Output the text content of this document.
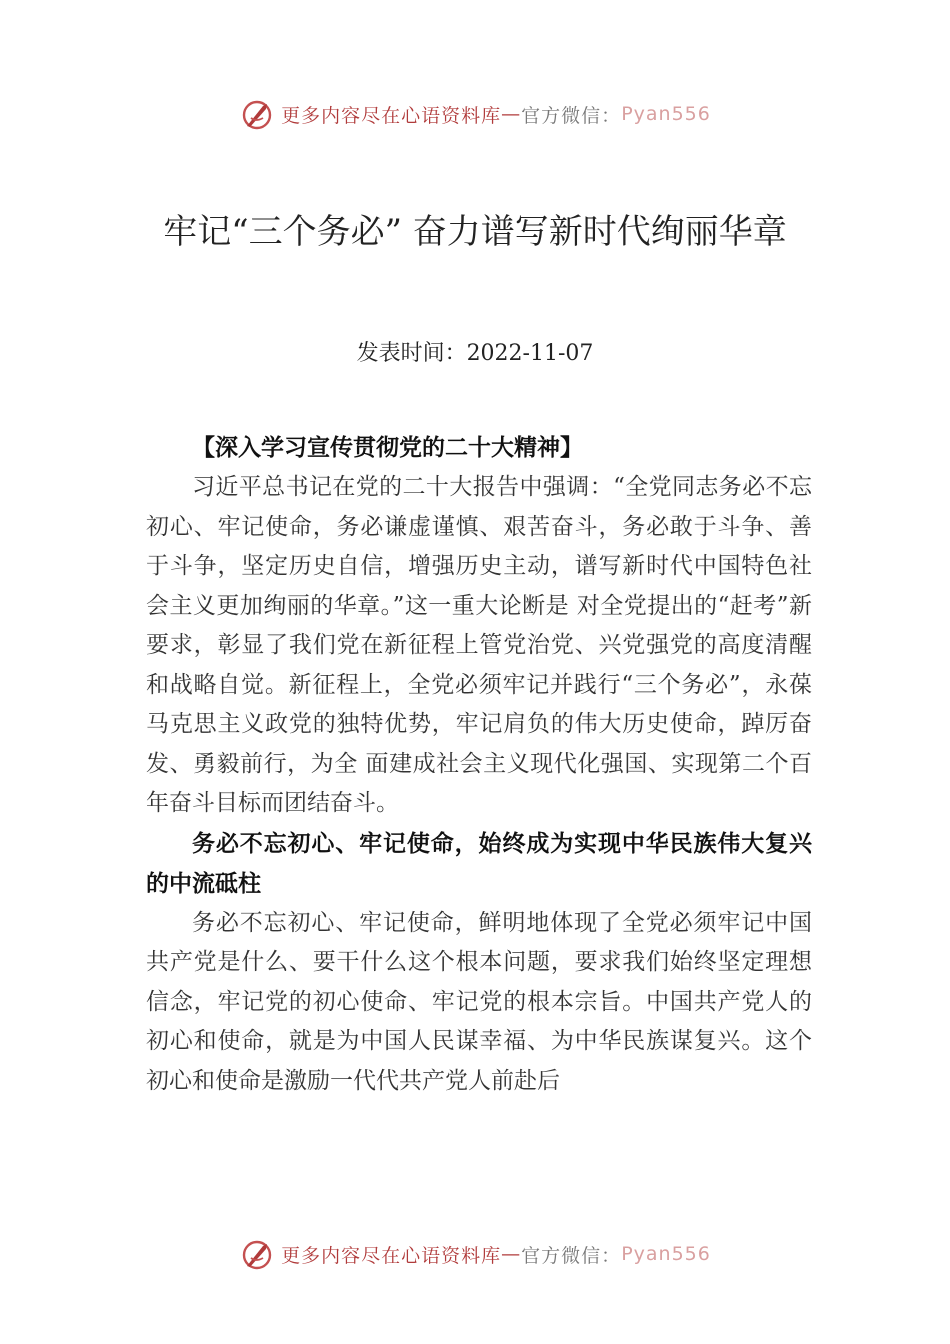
更多内容尽在心语资料库 — 官方微信： Pyan556
牢记“三个务必” 奋力谱写新时代绚丽华章
发表时间：2022-11-07

【深入学习宣传贯彻党的二十大精神】

习近平总书记在党的二十大报告中强调：“全党同志务必不忘初心、牢记使命，务必谦虚谨慎、艰苦奋斗，务必敢于斗争、善于斗争，坚定历史自信，增强历史主动，谱写新时代中国特色社会主义更加绚丽的华章。”这一重大论断是 对全党提出的“赶考”新要求，彰显了我们党在新征程上管党治党、兴党强党的高度清醒和战略自觉。新征程上，全党必须牢记并践行“三个务必”，永葆马克思主义政党的独特优势，牢记肩负的伟大历史使命，踔厉奋发、勇毅前行，为全 面建成社会主义现代化强国、实现第二个百年奋斗目标而团结奋斗。

务必不忘初心、牢记使命，始终成为实现中华民族伟大复兴的中流砥柱

务必不忘初心、牢记使命，鲜明地体现了全党必须牢记中国共产党是什么、要干什么这个根本问题，要求我们始终坚定理想信念，牢记党的初心使命、牢记党的根本宗旨。中国共产党人的初心和使命，就是为中国人民谋幸福、为中华民族谋复兴。这个初心和使命是激励一代代共产党人前赴后

更多内容尽在心语资料库 — 官方微信： Pyan556
